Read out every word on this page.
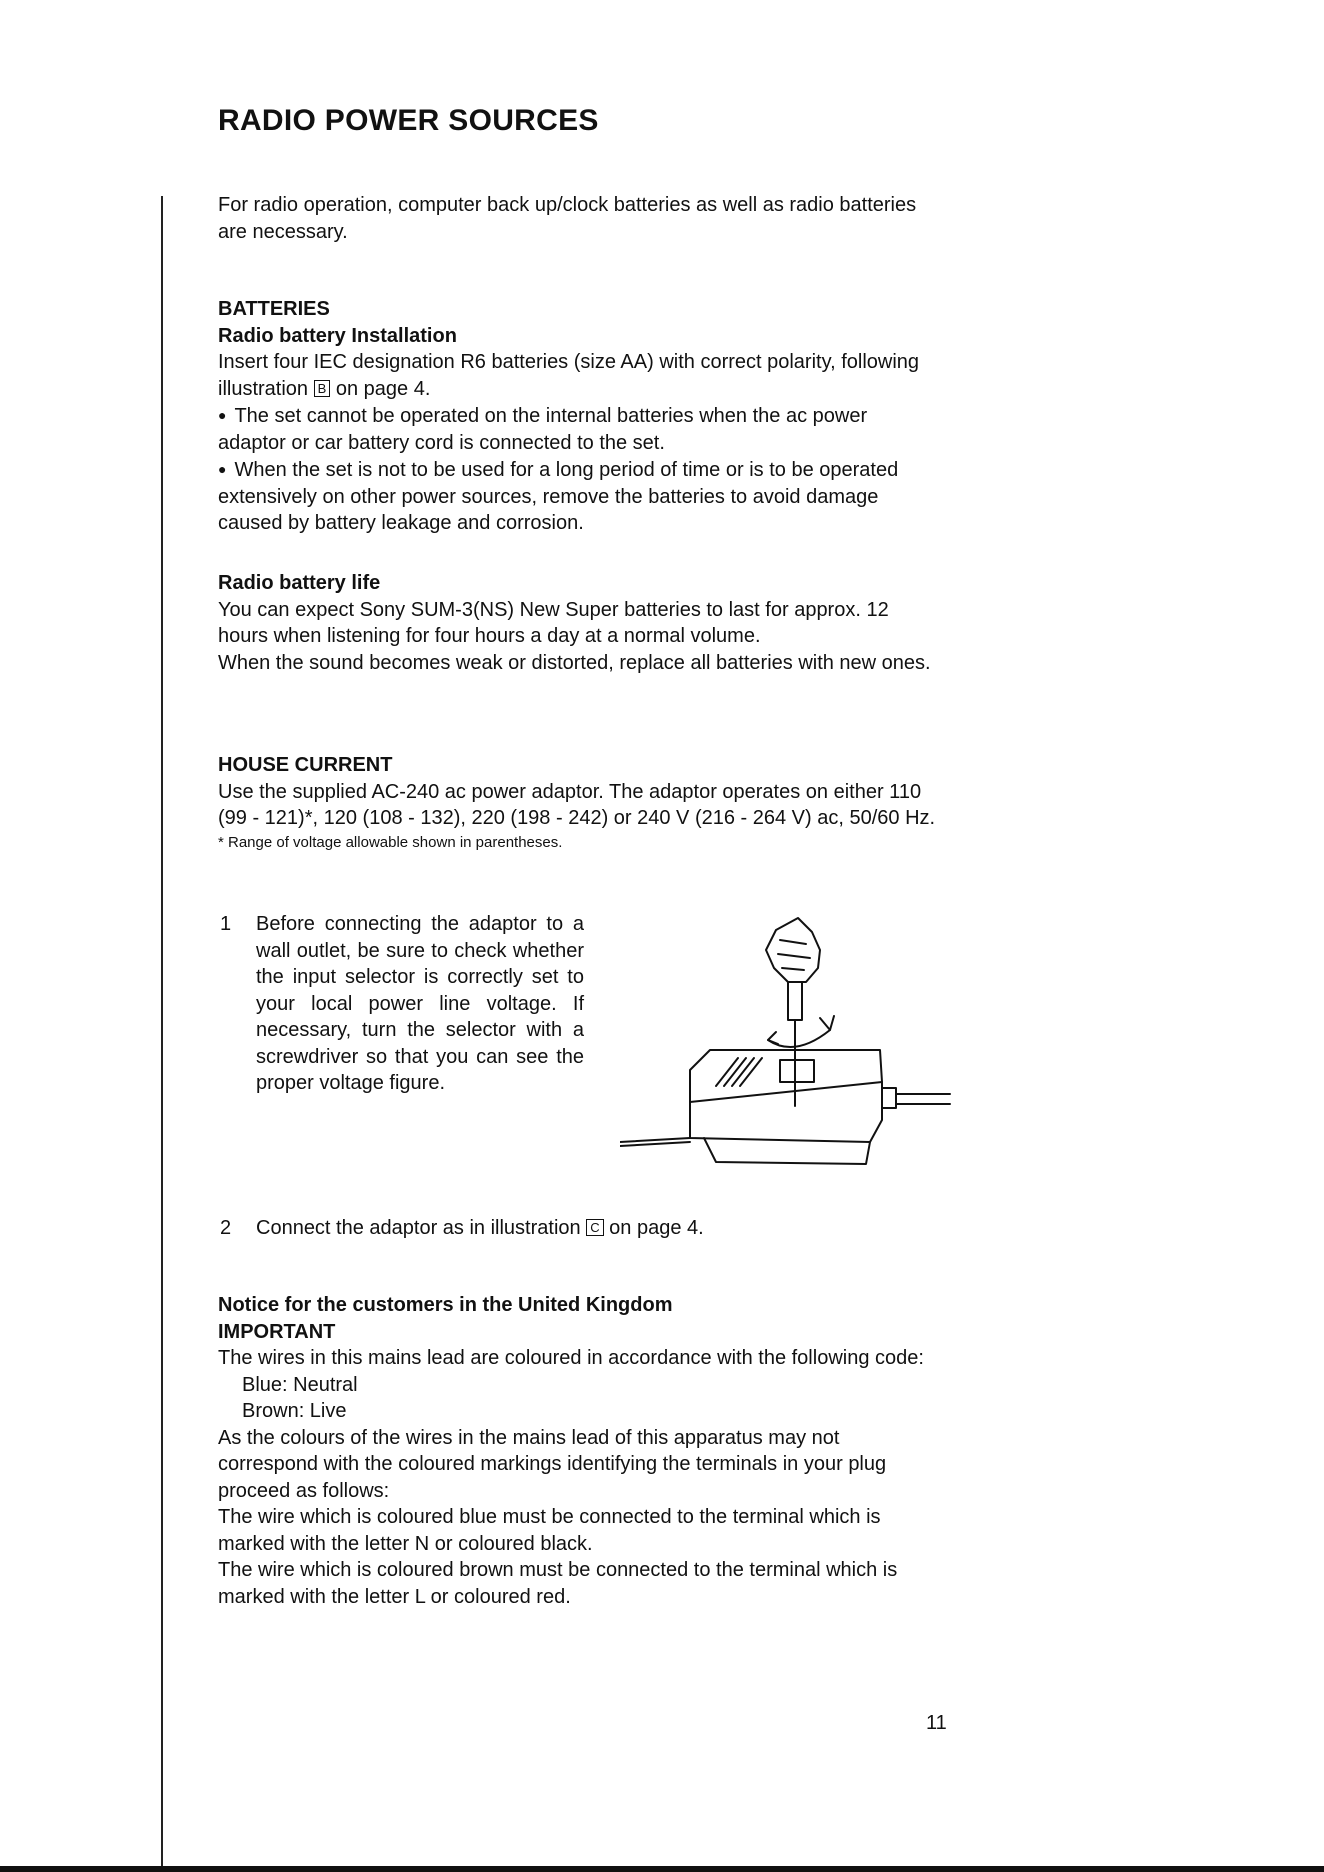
RADIO POWER SOURCES

For radio operation, computer back up/clock batteries as well as radio batteries are necessary.

BATTERIES

Radio battery Installation

Insert four IEC designation R6 batteries (size AA) with correct polarity, following illustration B on page 4.

● The set cannot be operated on the internal batteries when the ac power adaptor or car battery cord is connected to the set.

● When the set is not to be used for a long period of time or is to be operated extensively on other power sources, remove the batteries to avoid damage caused by battery leakage and corrosion.

Radio battery life

You can expect Sony SUM-3(NS) New Super batteries to last for approx. 12 hours when listening for four hours a day at a normal volume.

When the sound becomes weak or distorted, replace all batteries with new ones.

HOUSE CURRENT

Use the supplied AC-240 ac power adaptor. The adaptor operates on either 110 (99 - 121)*, 120 (108 - 132), 220 (198 - 242) or 240 V (216 - 264 V) ac, 50/60 Hz.

* Range of voltage allowable shown in parentheses.

1 Before connecting the adaptor to a wall outlet, be sure to check whether the input selector is correctly set to your local power line voltage. If necessary, turn the selector with a screwdriver so that you can see the proper voltage figure.

2 Connect the adaptor as in illustration C on page 4.

Notice for the customers in the United Kingdom

IMPORTANT

The wires in this mains lead are coloured in accordance with the following code:

Blue: Neutral

Brown: Live

As the colours of the wires in the mains lead of this apparatus may not correspond with the coloured markings identifying the terminals in your plug proceed as follows:

The wire which is coloured blue must be connected to the terminal which is marked with the letter N or coloured black.

The wire which is coloured brown must be connected to the terminal which is marked with the letter L or coloured red.

11
